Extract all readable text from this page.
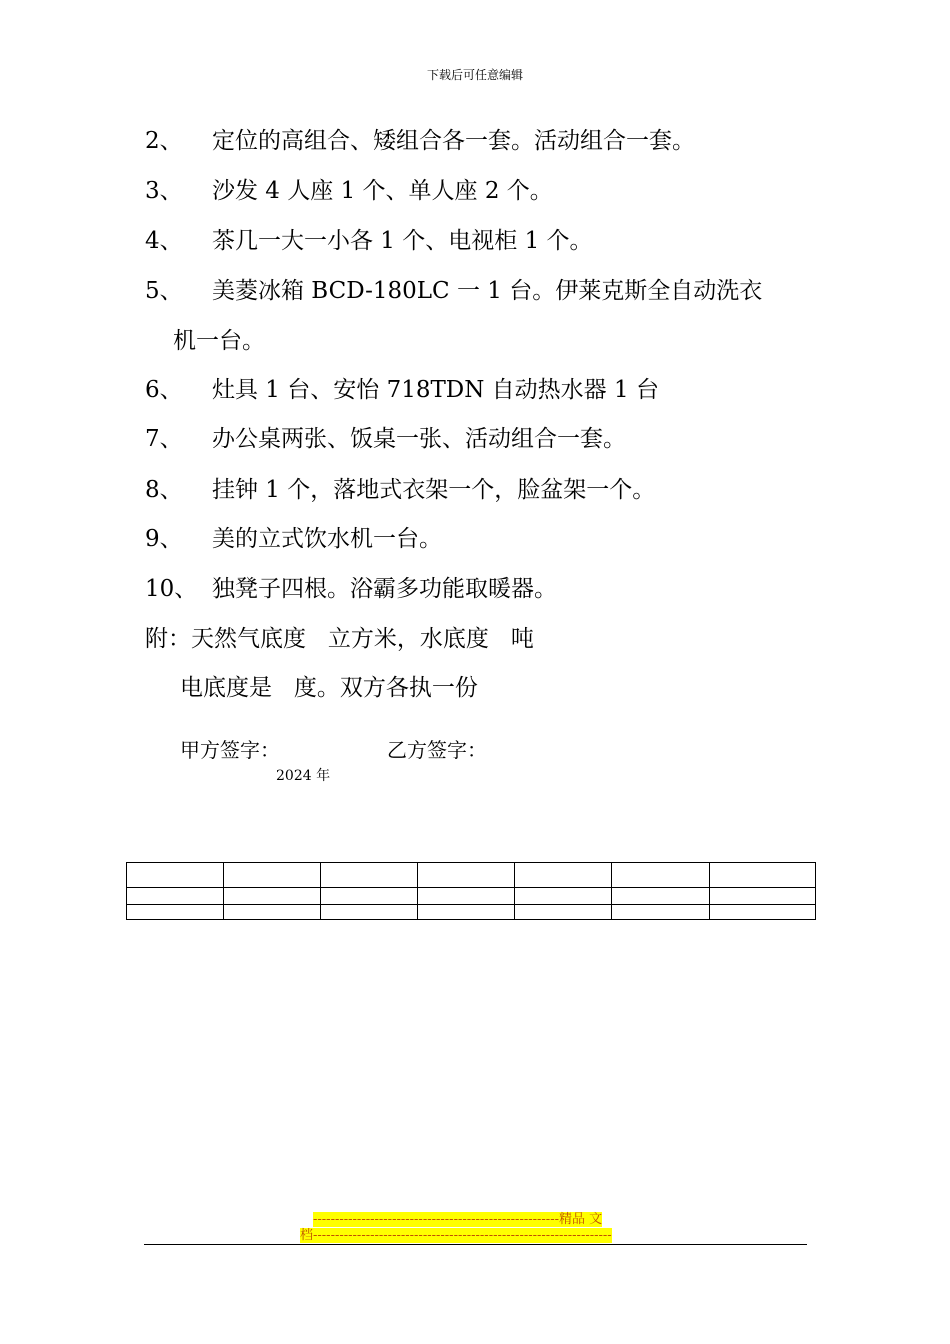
下载后可任意编辑
2、 定位的高组合、矮组合各一套。活动组合一套。
3、 沙发 4 人座 1 个、单人座 2 个。
4、 茶几一大一小各 1 个、电视柜 1 个。
5、 美菱冰箱 BCD-180LC 一 1 台。伊莱克斯全自动洗衣
机一台。
6、 灶具 1 台、安怡 718TDN 自动热水器 1 台
7、 办公桌两张、饭桌一张、活动组合一套。
8、 挂钟 1 个，落地式衣架一个，脸盆架一个。
9、 美的立式饮水机一台。
10、 独凳子四根。浴霸多功能取暖器。
附：天然气底度   立方米，水底度   吨
电底度是   度。双方各执一份
甲方签字：	乙方签字：
2024 年

--------------------------------------------------------精品 文
档--------------------------------------------------------------------
